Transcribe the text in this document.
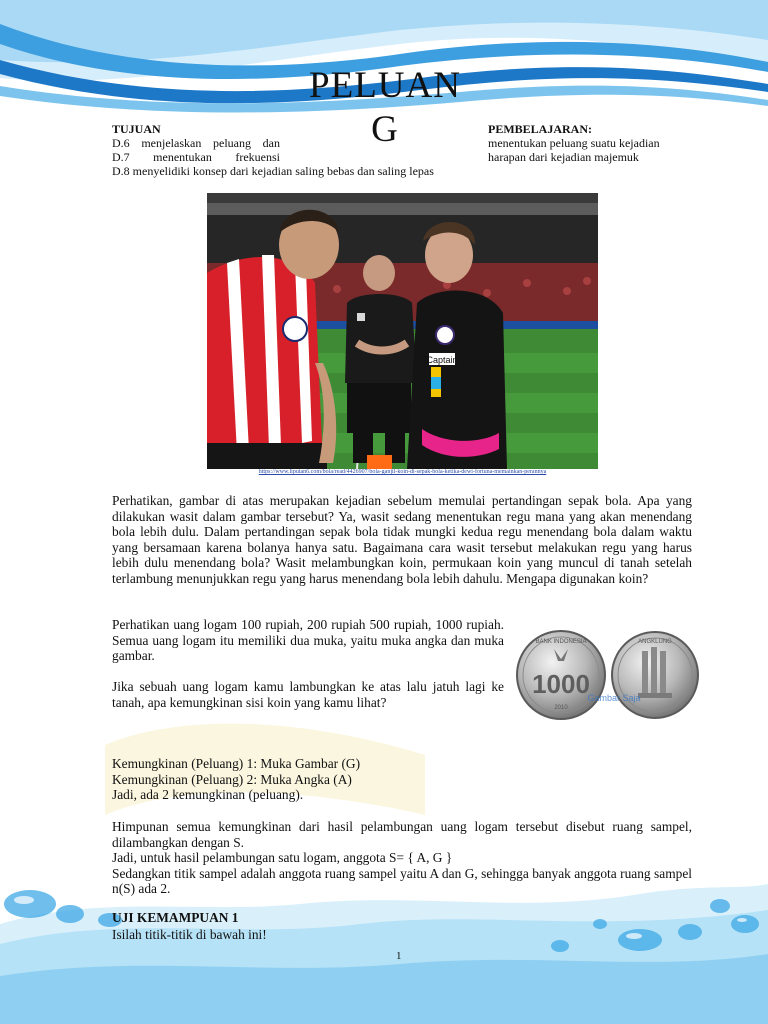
PELUAN
G
TUJUAN
D.6 menjelaskan peluang dan
D.7 menentukan frekuensi
D.8 menyelidiki konsep dari kejadian saling bebas dan saling lepas
PEMBELAJARAN:
menentukan peluang suatu kejadian
harapan dari kejadian majemuk
Captain
https://www.liputan6.com/bola/read/4426907/bola-ganjil-koin-di-sepak-bola-ketika-dewi-fortuna-memainkan-perannya
Perhatikan, gambar di atas merupakan kejadian sebelum memulai pertandingan sepak bola. Apa yang dilakukan wasit dalam gambar tersebut? Ya, wasit sedang menentukan regu mana yang akan menendang bola lebih dulu. Dalam pertandingan sepak bola tidak mungki kedua regu menendang bola dalam waktu yang bersamaan karena bolanya hanya satu. Bagaimana cara wasit tersebut melakukan regu yang harus lebih dulu menendang bola? Wasit melambungkan koin, permukaan koin yang muncul di tanah setelah terlambung menunjukkan regu yang harus menendang bola lebih dahulu. Mengapa digunakan koin?
Perhatikan uang logam 100 rupiah, 200 rupiah 500 rupiah, 1000 rupiah. Semua uang logam itu memiliki dua muka, yaitu muka angka dan muka gambar.
Jika sebuah uang logam kamu lambungkan ke atas lalu jatuh lagi ke tanah, apa kemungkinan sisi koin yang kamu lihat?
BANK INDONESIA
1000
2010
ANGKLUNG
Gambar Saja
Kemungkinan (Peluang) 1: Muka Gambar (G)
Kemungkinan (Peluang) 2: Muka Angka (A)
Jadi, ada 2 kemungkinan (peluang).
Himpunan semua kemungkinan dari hasil pelambungan uang logam tersebut disebut ruang sampel, dilambangkan dengan S.
Jadi, untuk hasil pelambungan satu logam, anggota S= { A, G }
Sedangkan titik sampel adalah anggota ruang sampel yaitu A dan G, sehingga banyak anggota ruang sampel n(S) ada 2.
UJI KEMAMPUAN 1
Isilah titik-titik di bawah ini!
1
